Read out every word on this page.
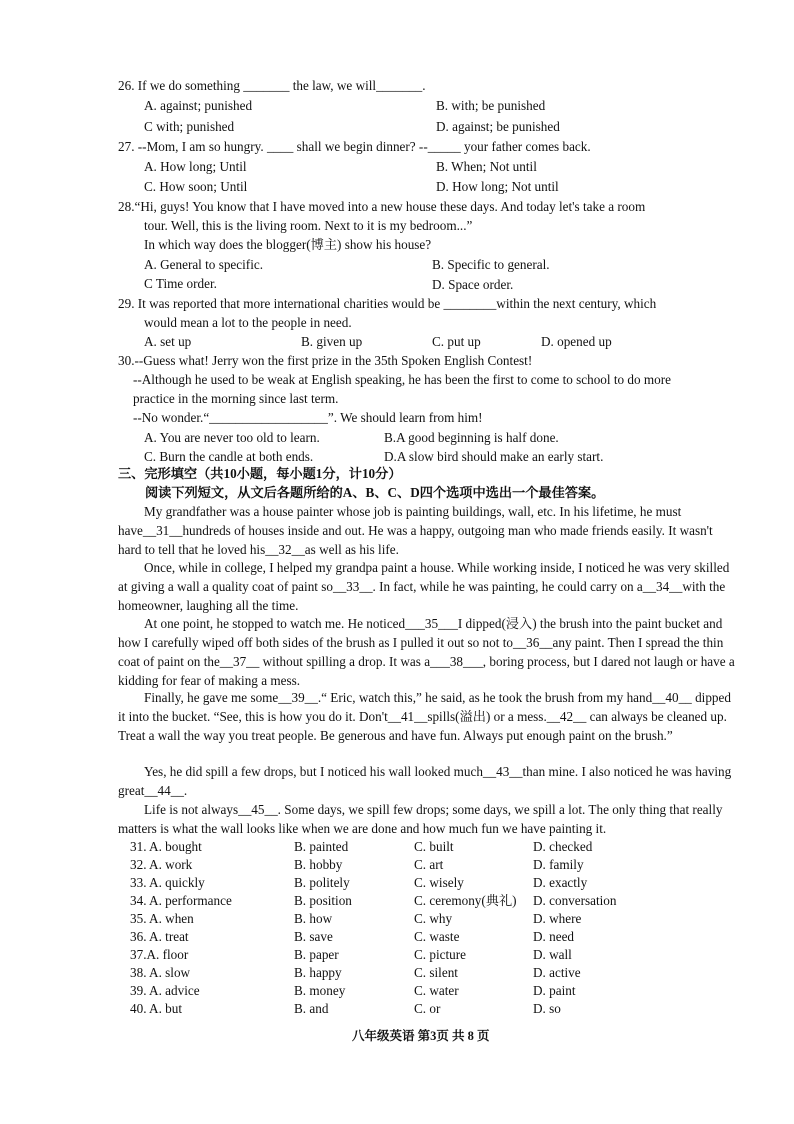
26. If we do something _______ the law, we will_______.
A. against; punished	B. with; be punished
C with; punished	D. against; be punished
27. --Mom, I am so hungry. ____ shall we begin dinner? --_____ your father comes back.
A. How long; Until	B. When; Not until
C. How soon; Until	D. How long; Not until
28.“Hi, guys! You know that I have moved into a new house these days. And today let's take a room
tour. Well, this is the living room. Next to it is my bedroom...”
In which way does the blogger(博主) show his house?
A. General to specific.	B. Specific to general.
C Time order.	D. Space order.
29. It was reported that more international charities would be ________within the next century, which
would mean a lot to the people in need.
A. set up	B. given up	C. put up	D. opened up
30.--Guess what! Jerry won the first prize in the 35th Spoken English Contest!
--Although he used to be weak at English speaking, he has been the first to come to school to do more
practice in the morning since last term.
--No wonder.“__________________”. We should learn from him!
A. You are never too old to learn.	B.A good beginning is half done.
C. Burn the candle at both ends.	D.A slow bird should make an early start.
三、完形填空（共10小题，每小题1分，计10分）
阅读下列短文，从文后各题所给的A、B、C、D四个选项中选出一个最佳答案。
My grandfather was a house painter whose job is painting buildings, wall, etc. In his lifetime, he must have__31__hundreds of houses inside and out. He was a happy, outgoing man who made friends easily. It wasn't hard to tell that he loved his__32__as well as his life.
Once, while in college, I helped my grandpa paint a house. While working inside, I noticed he was very skilled at giving a wall a quality coat of paint so__33__. In fact, while he was painting, he could carry on a__34__with the homeowner, laughing all the time.
At one point, he stopped to watch me. He noticed___35___I dipped(浸入) the brush into the paint bucket and how I carefully wiped off both sides of the brush as I pulled it out so not to__36__any paint. Then I spread the thin coat of paint on the__37__ without spilling a drop. It was a___38___, boring process, but I dared not laugh or have a kidding for fear of making a mess.
Finally, he gave me some__39__.“ Eric, watch this,” he said, as he took the brush from my hand__40__ dipped it into the bucket. “See, this is how you do it. Don't__41__spills(溢出) or a mess.__42__ can always be cleaned up. Treat a wall the way you treat people. Be generous and have fun. Always put enough paint on the brush.”
Yes, he did spill a few drops, but I noticed his wall looked much__43__than mine. I also noticed he was having great__44__.
Life is not always__45__. Some days, we spill few drops; some days, we spill a lot. The only thing that really matters is what the wall looks like when we are done and how much fun we have painting it.
31. A. bought	B. painted	C. built	D. checked
32. A. work	B. hobby	C. art	D. family
33. A. quickly	B. politely	C. wisely	D. exactly
34. A. performance	B. position	C. ceremony(典礼) D. conversation
35. A. when	B. how	C. why	D. where
36. A. treat	B. save	C. waste	D. need
37.A. floor	B. paper	C. picture	D. wall
38. A. slow	B. happy	C. silent	D. active
39. A. advice	B. money	C. water	D. paint
40. A. but	B. and	C. or	D. so
八年级英语 第3页 共 8 页
